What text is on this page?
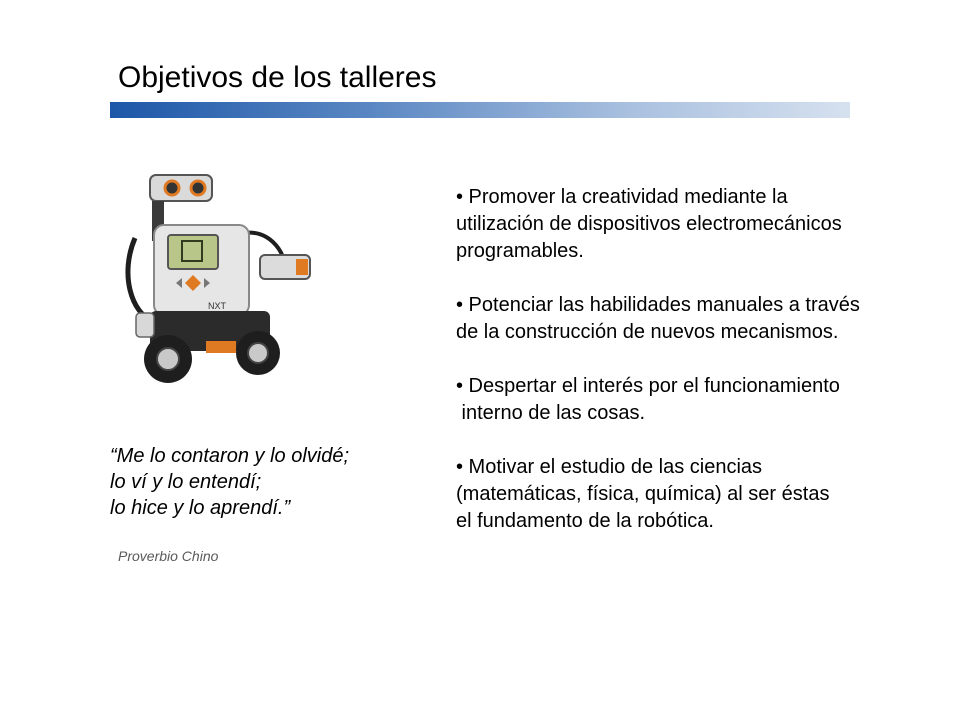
Objetivos de los talleres
NXT
“Me lo contaron y lo olvidé;
lo ví y lo entendí;
lo hice y lo aprendí.”
Proverbio Chino
• Promover la creatividad mediante la
utilización de dispositivos electromecánicos
programables.
• Potenciar las habilidades manuales a través
de la construcción de nuevos mecanismos.
• Despertar el interés por el funcionamiento
interno de las cosas.
• Motivar el estudio de las ciencias
(matemáticas, física, química) al ser éstas
el fundamento de la robótica.
